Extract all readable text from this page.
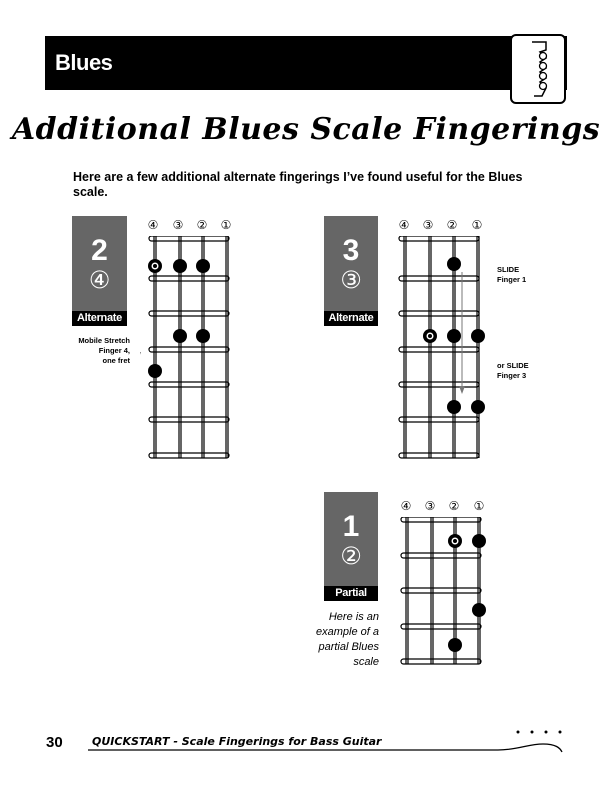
Blues
Additional Blues Scale Fingerings
Here are a few additional alternate fingerings I’ve found useful for the Blues scale.
2
④
Alternate
④ ③ ② ①
Mobile Stretch
Finger 4,
one fret
3
③
Alternate
④ ③ ② ①
SLIDE
Finger 1
or SLIDE
Finger 3
1
②
Partial
④ ③ ② ①
Here is an
example of a
partial Blues
scale
30	QUICKSTART - Scale Fingerings for Bass Guitar
